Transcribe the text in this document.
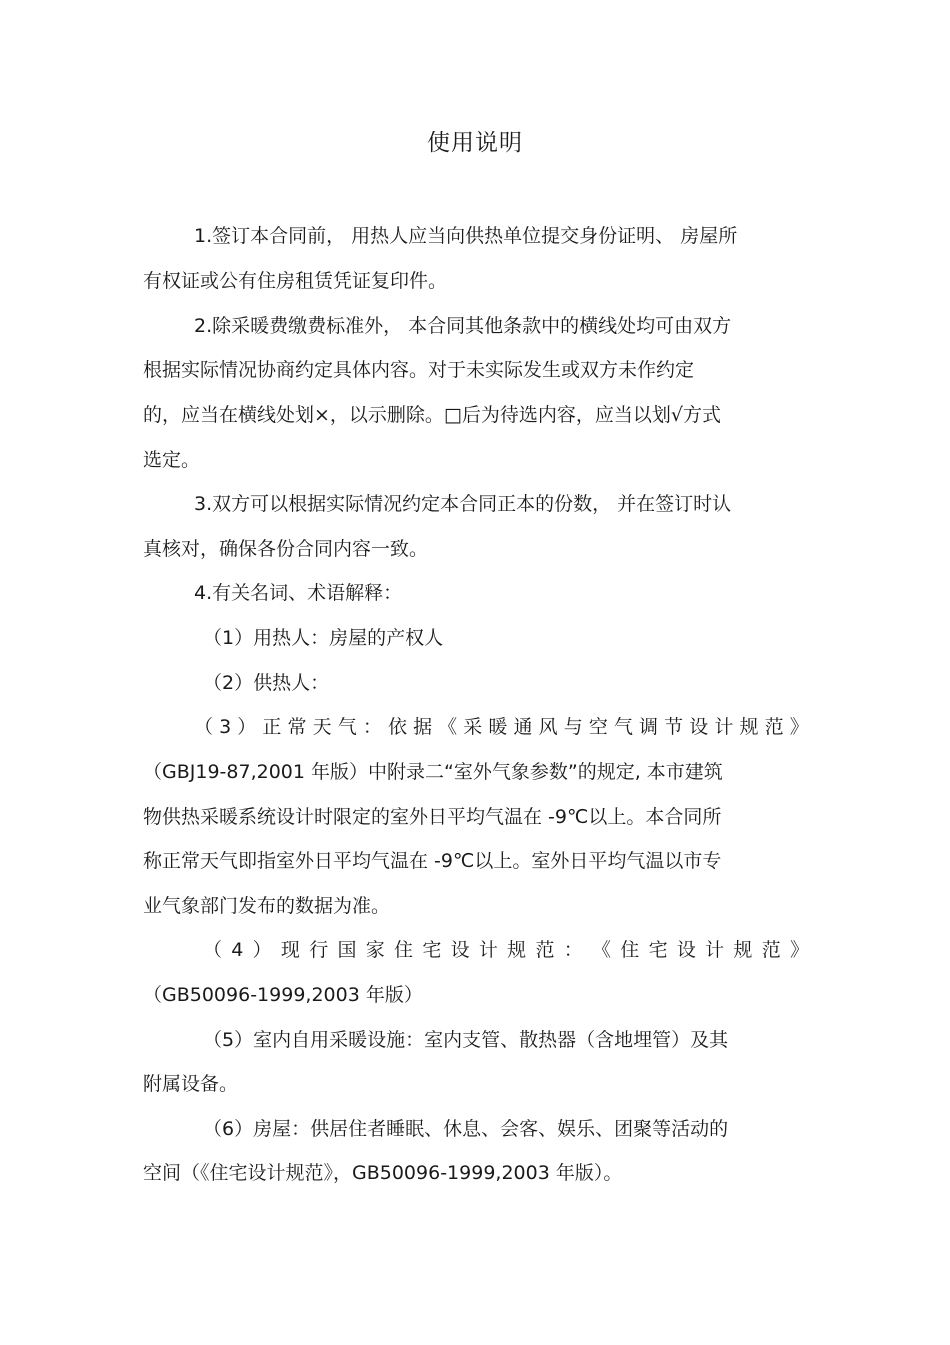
使用说明
1.签订本合同前， 用热人应当向供热单位提交身份证明、 房屋所
有权证或公有住房租赁凭证复印件。
2.除采暖费缴费标准外， 本合同其他条款中的横线处均可由双方
根据实际情况协商约定具体内容。对于未实际发生或双方未作约定
的，应当在横线处划×，以示删除。□后为待选内容，应当以划√方式
选定。
3.双方可以根据实际情况约定本合同正本的份数， 并在签订时认
真核对，确保各份合同内容一致。
4.有关名词、术语解释：
（1）用热人：房屋的产权人
（2）供热人：
（ 3 ） 正 常 天 气 ： 依 据 《 采 暖 通 风 与 空 气 调 节 设 计 规 范 》
（GBJ19-87,2001 年版）中附录二“室外气象参数”的规定, 本市建筑
物供热采暖系统设计时限定的室外日平均气温在 -9℃以上。本合同所
称正常天气即指室外日平均气温在 -9℃以上。室外日平均气温以市专
业气象部门发布的数据为准。
（ 4 ） 现 行 国 家 住 宅 设 计 规 范 ： 《 住 宅 设 计 规 范 》
（GB50096-1999,2003 年版）
（5）室内自用采暖设施：室内支管、散热器（含地埋管）及其
附属设备。
（6）房屋：供居住者睡眠、休息、会客、娱乐、团聚等活动的
空间（《住宅设计规范》，GB50096-1999,2003 年版）。
